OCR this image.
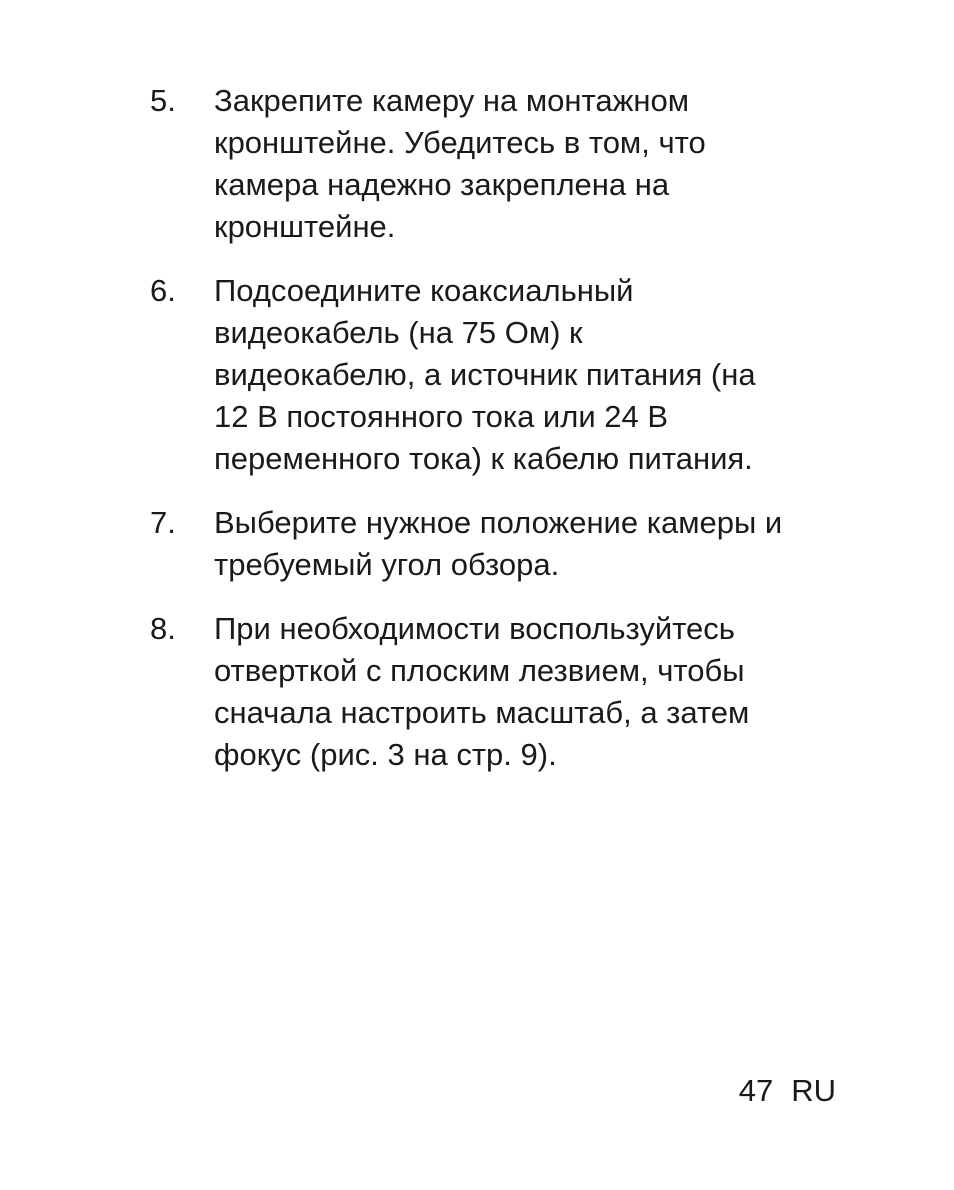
5.	Закрепите камеру на монтажном
кронштейне. Убедитесь в том, что
камера надежно закреплена на
кронштейне.
6.	Подсоедините коаксиальный
видеокабель (на 75 Ом) к
видеокабелю, а источник питания (на
12 В постоянного тока или 24 В
переменного тока) к кабелю питания.
7.	Выберите нужное положение камеры и
требуемый угол обзора.
8.	При необходимости воспользуйтесь
отверткой с плоским лезвием, чтобы
сначала настроить масштаб, а затем
фокус (рис. 3 на стр. 9).
47 RU
